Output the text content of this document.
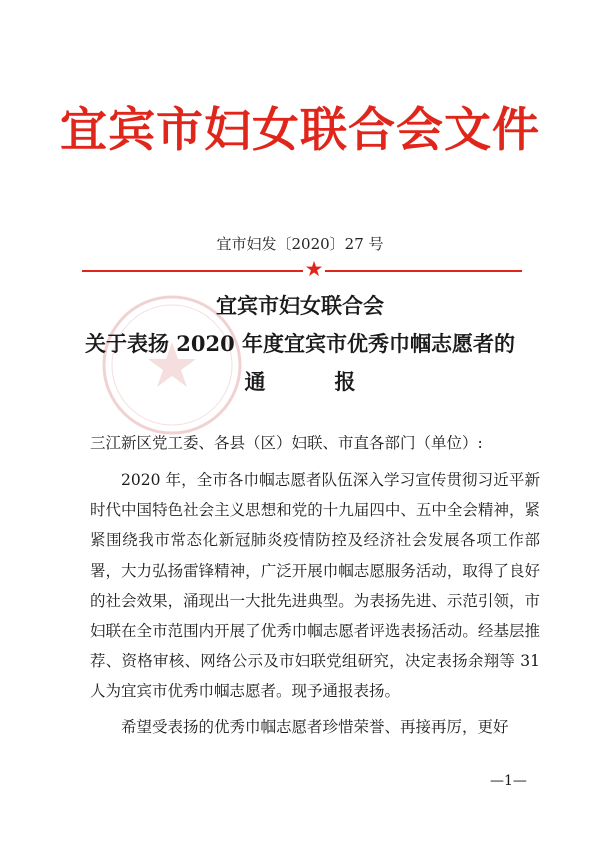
宜宾市妇女联合会文件
宜市妇发〔2020〕27 号
★
宜宾市妇女联合会
关于表扬 2020 年度宜宾市优秀巾帼志愿者的
通　报
三江新区党工委、各县（区）妇联、市直各部门（单位）:
2020 年，全市各巾帼志愿者队伍深入学习宣传贯彻习近平新时代中国特色社会主义思想和党的十九届四中、五中全会精神，紧紧围绕我市常态化新冠肺炎疫情防控及经济社会发展各项工作部署，大力弘扬雷锋精神，广泛开展巾帼志愿服务活动，取得了良好的社会效果，涌现出一大批先进典型。为表扬先进、示范引领，市妇联在全市范围内开展了优秀巾帼志愿者评选表扬活动。经基层推荐、资格审核、网络公示及市妇联党组研究，决定表扬余翔等 31 人为宜宾市优秀巾帼志愿者。现予通报表扬。
希望受表扬的优秀巾帼志愿者珍惜荣誉、再接再厉，更好
—1—
